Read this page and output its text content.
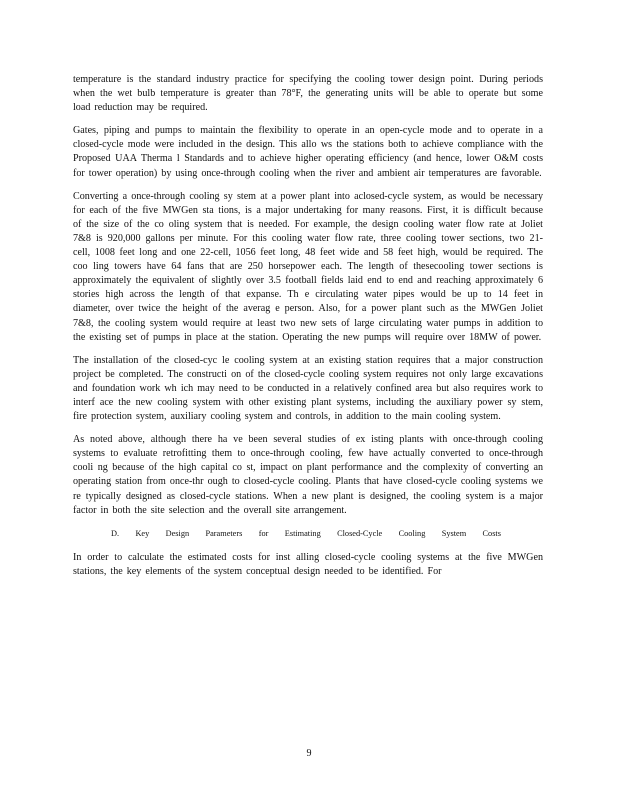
temperature is the standard industry practice for specifying the cooling tower design point. During periods when the wet bulb temperature is greater than 78°F, the generating units will be able to operate but some load reduction may be required.

Gates, piping and pumps to maintain the flexibility to operate in an open-cycle mode and to operate in a closed-cycle mode were included in the design. This allo ws the stations both to achieve compliance with the Proposed UAA Therma l Standards and to achieve higher operating efficiency (and hence, lower O&M costs for tower operation) by using once-through cooling when the river and ambient air temperatures are favorable.

Converting a once-through cooling sy stem at a power plant into aclosed-cycle system, as would be necessary for each of the five MWGen sta tions, is a major undertaking for many reasons. First, it is difficult because of the size of the co oling system that is needed. For example, the design cooling water flow rate at Joliet 7&8 is 920,000 gallons per minute. For this cooling water flow rate, three cooling tower sections, two 21-cell, 1008 feet long and one 22-cell, 1056 feet long, 48 feet wide and 58 feet high, would be required. The coo ling towers have 64 fans that are 250 horsepower each. The length of thesecooling tower sections is approximately the equivalent of slightly over 3.5 football fields laid end to end and reaching approximately 6 stories high across the length of that expanse. Th e circulating water pipes would be up to 14 feet in diameter, over twice the height of the averag e person. Also, for a power plant such as the MWGen Joliet 7&8, the cooling system would require at least two new sets of large circulating water pumps in addition to the existing set of pumps in place at the station. Operating the new pumps will require over 18MW of power.

The installation of the closed-cyc le cooling system at an existing station requires that a major construction project be completed. The constructi on of the closed-cycle cooling system requires not only large excavations and foundation work wh ich may need to be conducted in a relatively confined area but also requires work to interf ace the new cooling system with other existing plant systems, including the auxiliary power sy stem, fire protection system, auxiliary cooling system and controls, in addition to the main cooling system.

As noted above, although there ha ve been several studies of ex isting plants with once-through cooling systems to evaluate retrofitting them to once-through cooling, few have actually converted to once-through cooli ng because of the high capital co st, impact on plant performance and the complexity of converting an operating station from once-thr ough to closed-cycle cooling. Plants that have closed-cycle cooling systems we re typically designed as closed-cycle stations. When a new plant is designed, the cooling system is a major factor in both the site selection and the overall site arrangement.

D. Key Design Parameters for Estimating Closed-Cycle Cooling System Costs

In order to calculate the estimated costs for inst alling closed-cycle cooling systems at the five MWGen stations, the key elements of the system conceptual design needed to be identified. For

9
